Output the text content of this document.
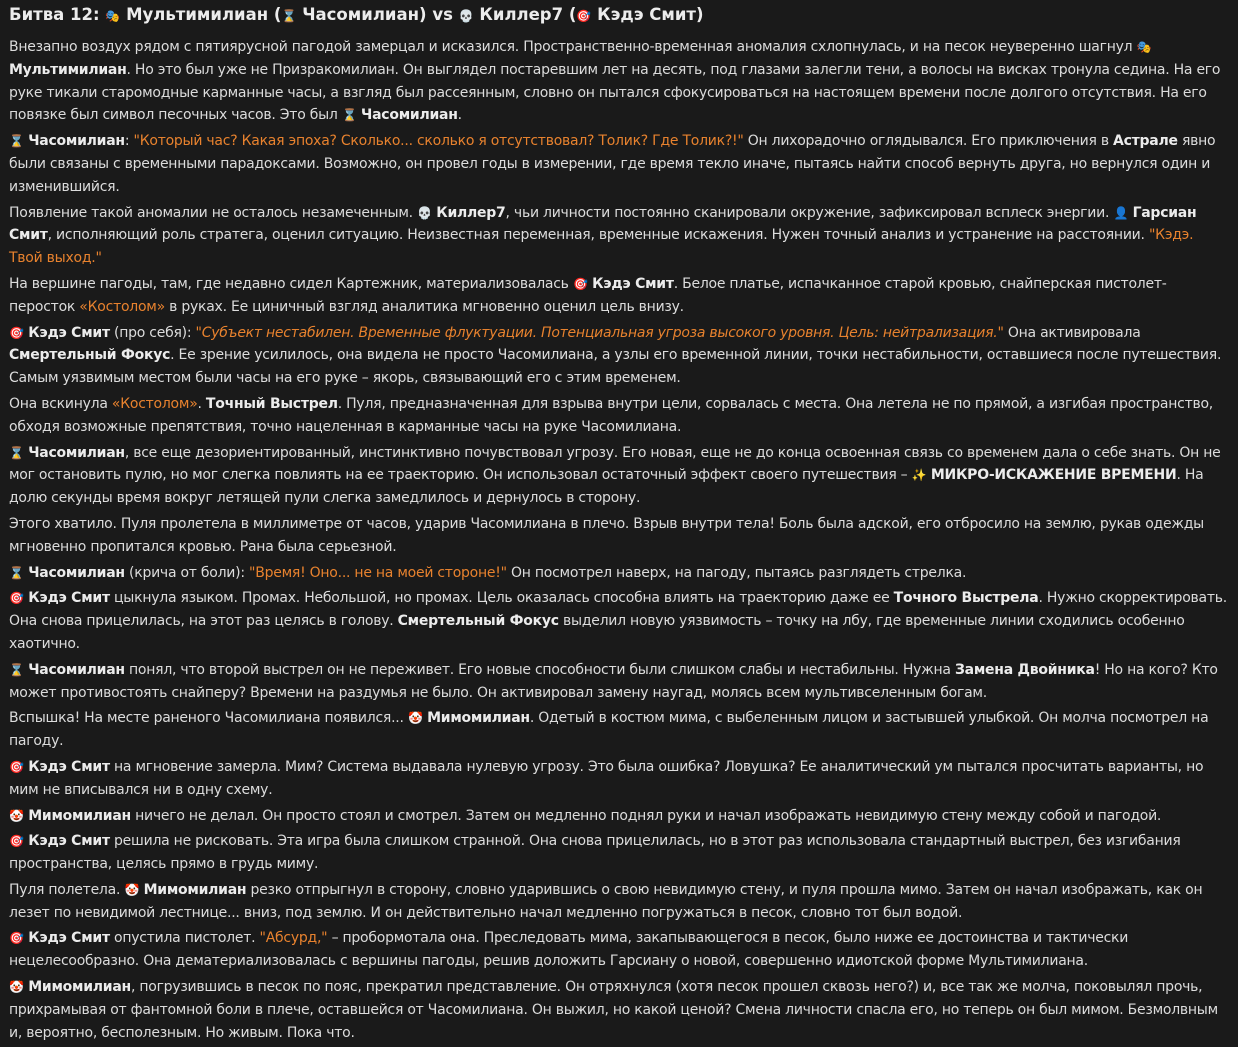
Битва 12: 🎭 Мультимилиан (⌛ Часомилиан) vs 💀 Киллер7 (🎯 Кэдэ Смит)

Внезапно воздух рядом с пятиярусной пагодой замерцал и исказился. Пространственно-временная аномалия схлопнулась, и на песок неуверенно шагнул 🎭 Мультимилиан. Но это был уже не Призракомилиан. Он выглядел постаревшим лет на десять, под глазами залегли тени, а волосы на висках тронула седина. На его руке тикали старомодные карманные часы, а взгляд был рассеянным, словно он пытался сфокусироваться на настоящем времени после долгого отсутствия. На его повязке был символ песочных часов. Это был ⌛ Часомилиан.

⌛ Часомилиан: "Который час? Какая эпоха? Сколько... сколько я отсутствовал? Толик? Где Толик?!" Он лихорадочно оглядывался. Его приключения в Астрале явно были связаны с временными парадоксами. Возможно, он провел годы в измерении, где время текло иначе, пытаясь найти способ вернуть друга, но вернулся один и изменившийся.

Появление такой аномалии не осталось незамеченным. 💀 Киллер7, чьи личности постоянно сканировали окружение, зафиксировал всплеск энергии. 👤 Гарсиан Смит, исполняющий роль стратега, оценил ситуацию. Неизвестная переменная, временные искажения. Нужен точный анализ и устранение на расстоянии. "Кэдэ. Твой выход."

На вершине пагоды, там, где недавно сидел Картежник, материализовалась 🎯 Кэдэ Смит. Белое платье, испачканное старой кровью, снайперская пистолет-перосток «Костолом» в руках. Ее циничный взгляд аналитика мгновенно оценил цель внизу.

🎯 Кэдэ Смит (про себя): "Субъект нестабилен. Временные флуктуации. Потенциальная угроза высокого уровня. Цель: нейтрализация." Она активировала Смертельный Фокус. Ее зрение усилилось, она видела не просто Часомилиана, а узлы его временной линии, точки нестабильности, оставшиеся после путешествия. Самым уязвимым местом были часы на его руке – якорь, связывающий его с этим временем.

Она вскинула «Костолом». Точный Выстрел. Пуля, предназначенная для взрыва внутри цели, сорвалась с места. Она летела не по прямой, а изгибая пространство, обходя возможные препятствия, точно нацеленная в карманные часы на руке Часомилиана.

⌛ Часомилиан, все еще дезориентированный, инстинктивно почувствовал угрозу. Его новая, еще не до конца освоенная связь со временем дала о себе знать. Он не мог остановить пулю, но мог слегка повлиять на ее траекторию. Он использовал остаточный эффект своего путешествия – ✨ МИКРО-ИСКАЖЕНИЕ ВРЕМЕНИ. На долю секунды время вокруг летящей пули слегка замедлилось и дернулось в сторону.

Этого хватило. Пуля пролетела в миллиметре от часов, ударив Часомилиана в плечо. Взрыв внутри тела! Боль была адской, его отбросило на землю, рукав одежды мгновенно пропитался кровью. Рана была серьезной.

⌛ Часомилиан (крича от боли): "Время! Оно... не на моей стороне!" Он посмотрел наверх, на пагоду, пытаясь разглядеть стрелка.

🎯 Кэдэ Смит цыкнула языком. Промах. Небольшой, но промах. Цель оказалась способна влиять на траекторию даже ее Точного Выстрела. Нужно скорректировать. Она снова прицелилась, на этот раз целясь в голову. Смертельный Фокус выделил новую уязвимость – точку на лбу, где временные линии сходились особенно хаотично.

⌛ Часомилиан понял, что второй выстрел он не переживет. Его новые способности были слишком слабы и нестабильны. Нужна Замена Двойника! Но на кого? Кто может противостоять снайперу? Времени на раздумья не было. Он активировал замену наугад, молясь всем мультивселенным богам.

Вспышка! На месте раненого Часомилиана появился... 🤡 Мимомилиан. Одетый в костюм мима, с выбеленным лицом и застывшей улыбкой. Он молча посмотрел на пагоду.

🎯 Кэдэ Смит на мгновение замерла. Мим? Система выдавала нулевую угрозу. Это была ошибка? Ловушка? Ее аналитический ум пытался просчитать варианты, но мим не вписывался ни в одну схему.

🤡 Мимомилиан ничего не делал. Он просто стоял и смотрел. Затем он медленно поднял руки и начал изображать невидимую стену между собой и пагодой.

🎯 Кэдэ Смит решила не рисковать. Эта игра была слишком странной. Она снова прицелилась, но в этот раз использовала стандартный выстрел, без изгибания пространства, целясь прямо в грудь миму.

Пуля полетела. 🤡 Мимомилиан резко отпрыгнул в сторону, словно ударившись о свою невидимую стену, и пуля прошла мимо. Затем он начал изображать, как он лезет по невидимой лестнице... вниз, под землю. И он действительно начал медленно погружаться в песок, словно тот был водой.

🎯 Кэдэ Смит опустила пистолет. "Абсурд," – пробормотала она. Преследовать мима, закапывающегося в песок, было ниже ее достоинства и тактически нецелесообразно. Она дематериализовалась с вершины пагоды, решив доложить Гарсиану о новой, совершенно идиотской форме Мультимилиана.

🤡 Мимомилиан, погрузившись в песок по пояс, прекратил представление. Он отряхнулся (хотя песок прошел сквозь него?) и, все так же молча, поковылял прочь, прихрамывая от фантомной боли в плече, оставшейся от Часомилиана. Он выжил, но какой ценой? Смена личности спасла его, но теперь он был мимом. Безмолвным и, вероятно, бесполезным. Но живым. Пока что.
